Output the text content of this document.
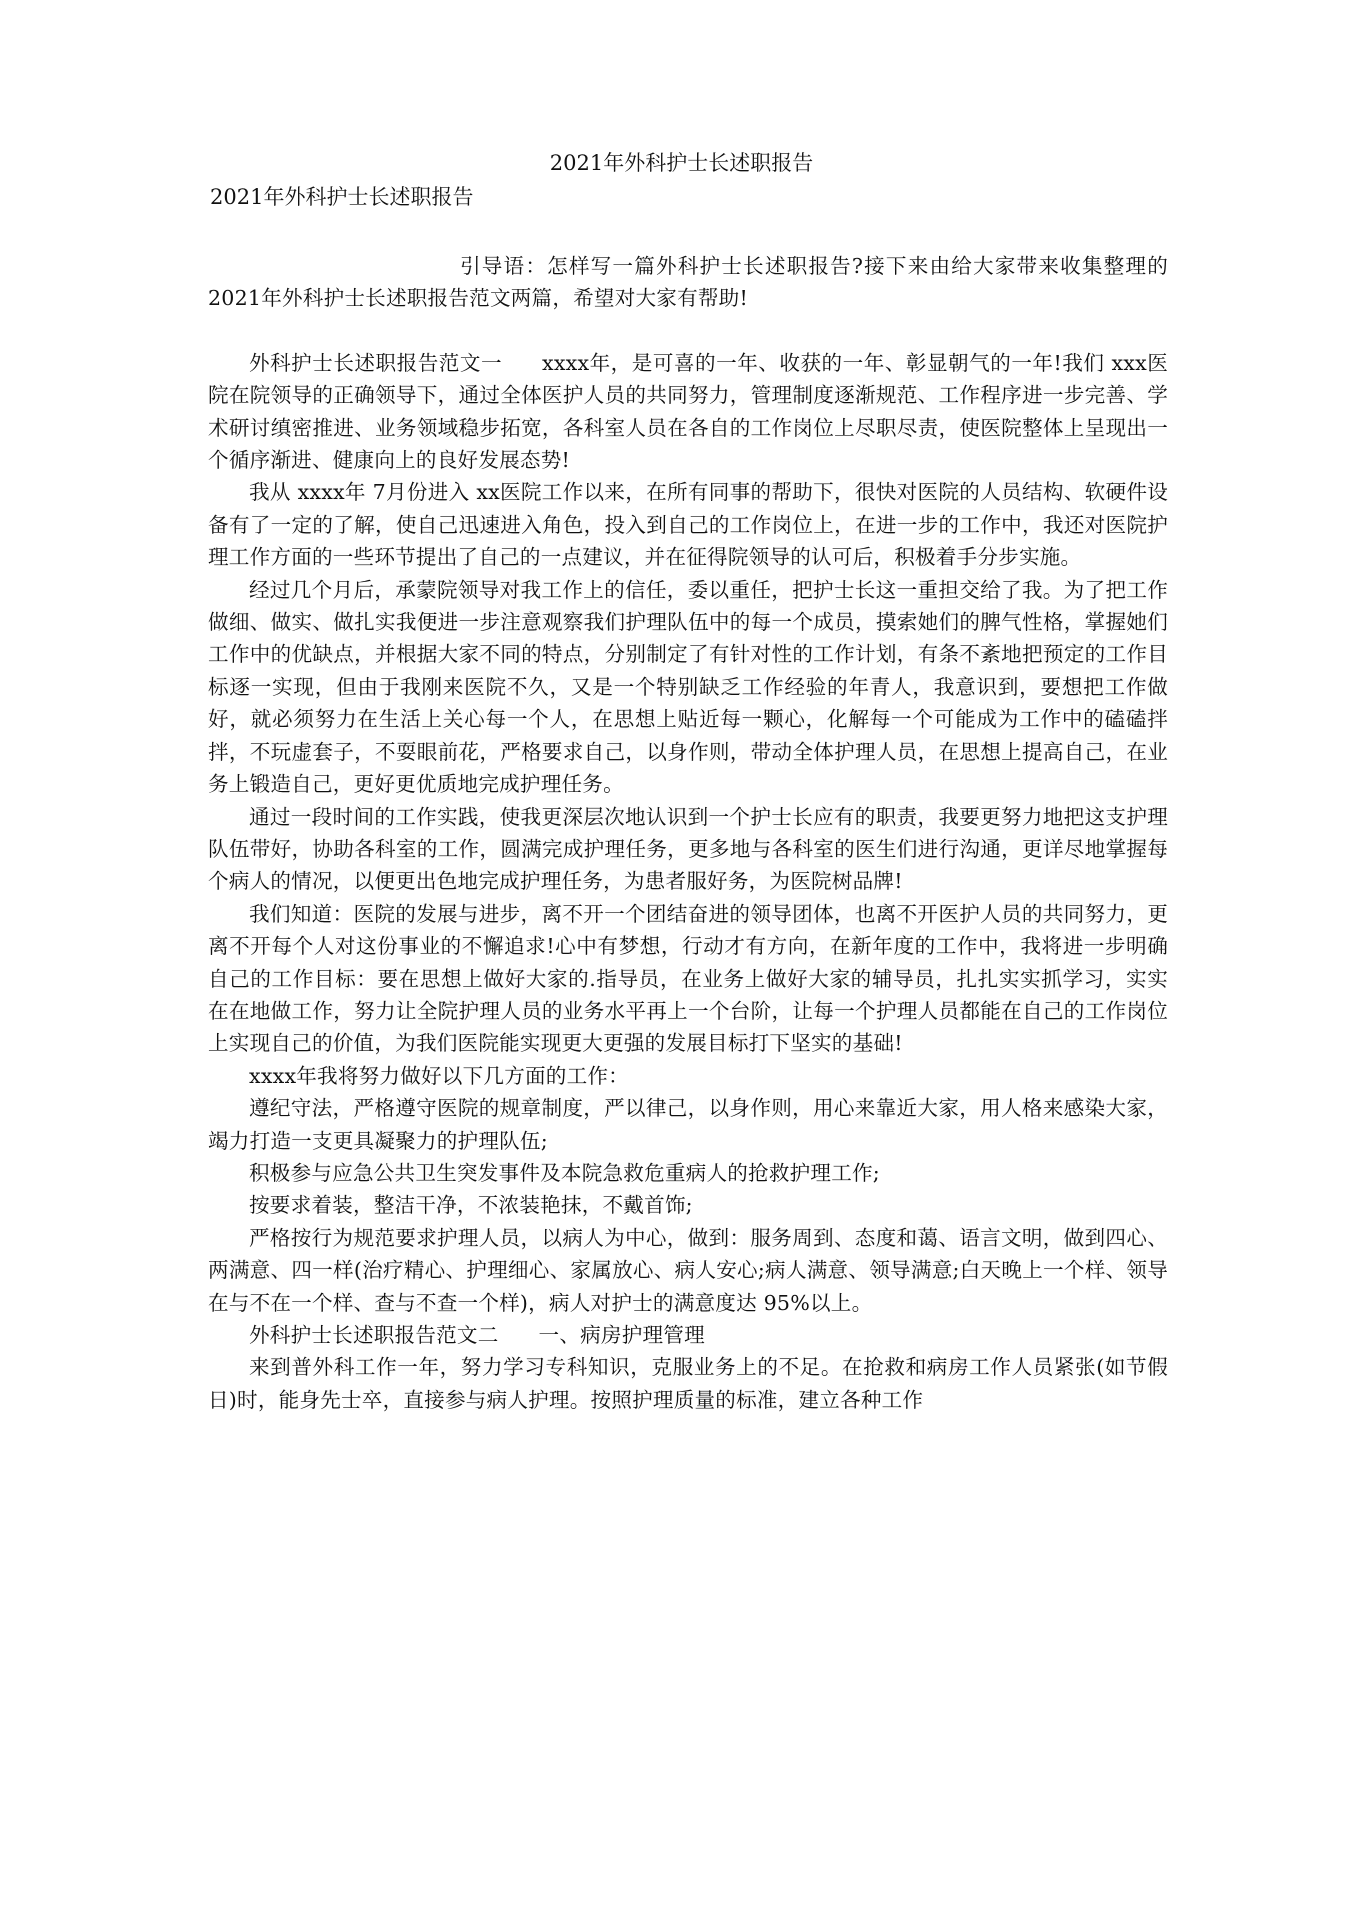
2021年外科护士长述职报告
2021年外科护士长述职报告

引导语：怎样写一篇外科护士长述职报告?接下来由给大家带来收集整理的 2021年外科护士长述职报告范文两篇，希望对大家有帮助!

外科护士长述职报告范文一 xxxx年，是可喜的一年、收获的一年、彰显朝气的一年!我们 xxx医院在院领导的正确领导下，通过全体医护人员的共同努力，管理制度逐渐规范、工作程序进一步完善、学术研讨缜密推进、业务领域稳步拓宽，各科室人员在各自的工作岗位上尽职尽责，使医院整体上呈现出一个循序渐进、健康向上的良好发展态势!

我从 xxxx年 7月份进入 xx医院工作以来，在所有同事的帮助下，很快对医院的人员结构、软硬件设备有了一定的了解，使自己迅速进入角色，投入到自己的工作岗位上，在进一步的工作中，我还对医院护理工作方面的一些环节提出了自己的一点建议，并在征得院领导的认可后，积极着手分步实施。

经过几个月后，承蒙院领导对我工作上的信任，委以重任，把护士长这一重担交给了我。为了把工作做细、做实、做扎实我便进一步注意观察我们护理队伍中的每一个成员，摸索她们的脾气性格，掌握她们工作中的优缺点，并根据大家不同的特点，分别制定了有针对性的工作计划，有条不紊地把预定的工作目标逐一实现，但由于我刚来医院不久，又是一个特别缺乏工作经验的年青人，我意识到，要想把工作做好，就必须努力在生活上关心每一个人，在思想上贴近每一颗心，化解每一个可能成为工作中的磕磕拌拌，不玩虚套子，不耍眼前花，严格要求自己，以身作则，带动全体护理人员，在思想上提高自己，在业务上锻造自己，更好更优质地完成护理任务。

通过一段时间的工作实践，使我更深层次地认识到一个护士长应有的职责，我要更努力地把这支护理队伍带好，协助各科室的工作，圆满完成护理任务，更多地与各科室的医生们进行沟通，更详尽地掌握每个病人的情况，以便更出色地完成护理任务，为患者服好务，为医院树品牌!

我们知道：医院的发展与进步，离不开一个团结奋进的领导团体，也离不开医护人员的共同努力，更离不开每个人对这份事业的不懈追求!心中有梦想，行动才有方向，在新年度的工作中，我将进一步明确自己的工作目标：要在思想上做好大家的.指导员，在业务上做好大家的辅导员，扎扎实实抓学习，实实在在地做工作，努力让全院护理人员的业务水平再上一个台阶，让每一个护理人员都能在自己的工作岗位上实现自己的价值，为我们医院能实现更大更强的发展目标打下坚实的基础!

xxxx年我将努力做好以下几方面的工作：

遵纪守法，严格遵守医院的规章制度，严以律己，以身作则，用心来靠近大家，用人格来感染大家，竭力打造一支更具凝聚力的护理队伍;

积极参与应急公共卫生突发事件及本院急救危重病人的抢救护理工作;

按要求着装，整洁干净，不浓装艳抹，不戴首饰;

严格按行为规范要求护理人员，以病人为中心，做到：服务周到、态度和蔼、语言文明，做到四心、两满意、四一样(治疗精心、护理细心、家属放心、病人安心;病人满意、领导满意;白天晚上一个样、领导在与不在一个样、查与不查一个样)，病人对护士的满意度达 95%以上。

外科护士长述职报告范文二 一、病房护理管理

来到普外科工作一年，努力学习专科知识，克服业务上的不足。在抢救和病房工作人员紧张(如节假日)时，能身先士卒，直接参与病人护理。按照护理质量的标准，建立各种工作
